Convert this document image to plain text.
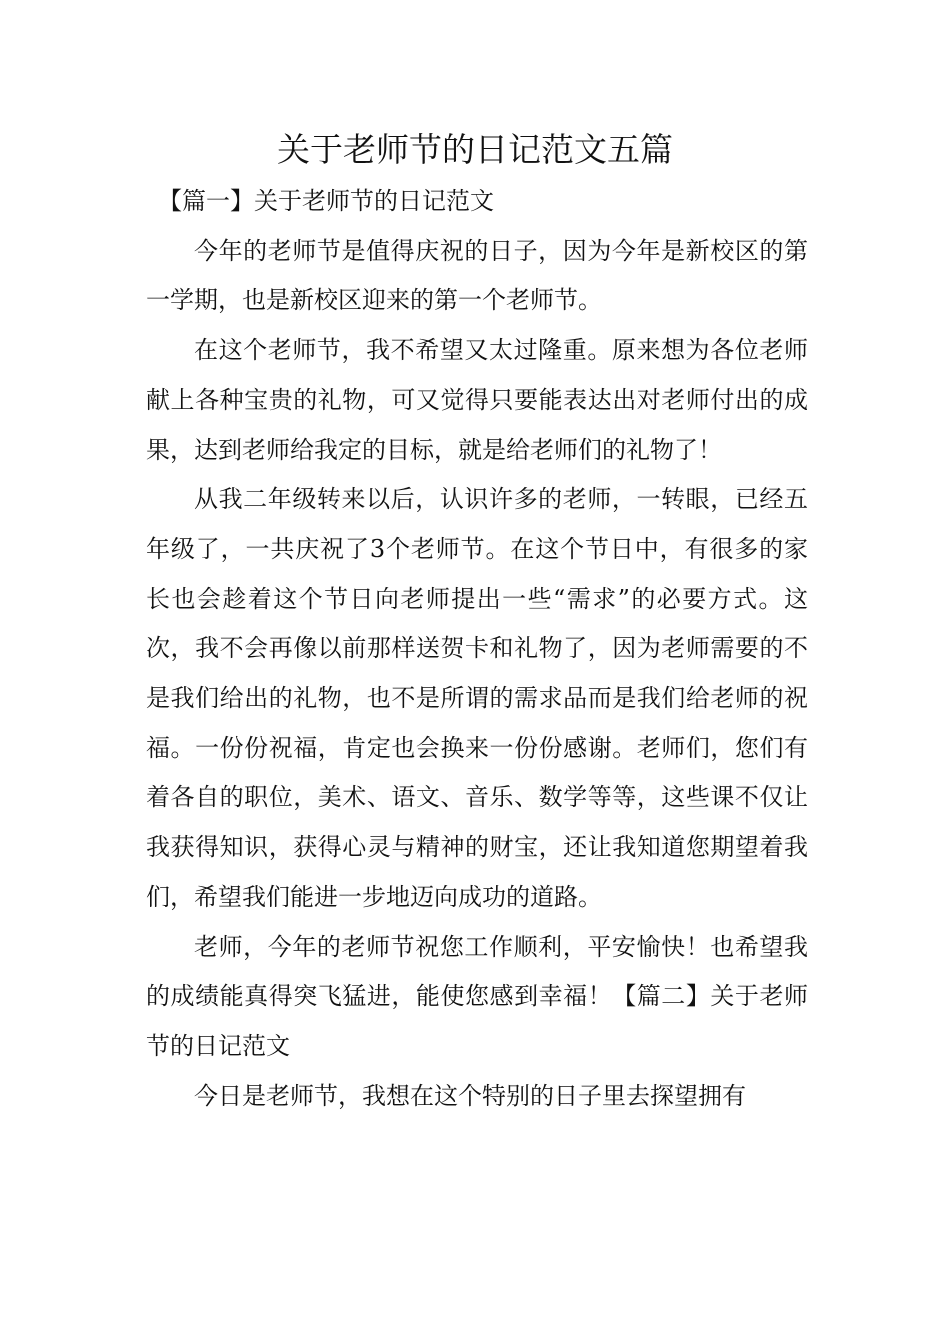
关于老师节的日记范文五篇

【篇一】关于老师节的日记范文

今年的老师节是值得庆祝的日子，因为今年是新校区的第一学期，也是新校区迎来的第一个老师节。

在这个老师节，我不希望又太过隆重。原来想为各位老师献上各种宝贵的礼物，可又觉得只要能表达出对老师付出的成果，达到老师给我定的目标，就是给老师们的礼物了！

从我二年级转来以后，认识许多的老师，一转眼，已经五年级了，一共庆祝了3个老师节。在这个节日中，有很多的家长也会趁着这个节日向老师提出一些“需求”的必要方式。这次，我不会再像以前那样送贺卡和礼物了，因为老师需要的不是我们给出的礼物，也不是所谓的需求品而是我们给老师的祝福。一份份祝福，肯定也会换来一份份感谢。老师们，您们有着各自的职位，美术、语文、音乐、数学等等，这些课不仅让我获得知识，获得心灵与精神的财宝，还让我知道您期望着我们，希望我们能进一步地迈向成功的道路。

老师，今年的老师节祝您工作顺利，平安愉快！也希望我的成绩能真得突飞猛进，能使您感到幸福！【篇二】关于老师节的日记范文

今日是老师节，我想在这个特别的日子里去探望拥有
